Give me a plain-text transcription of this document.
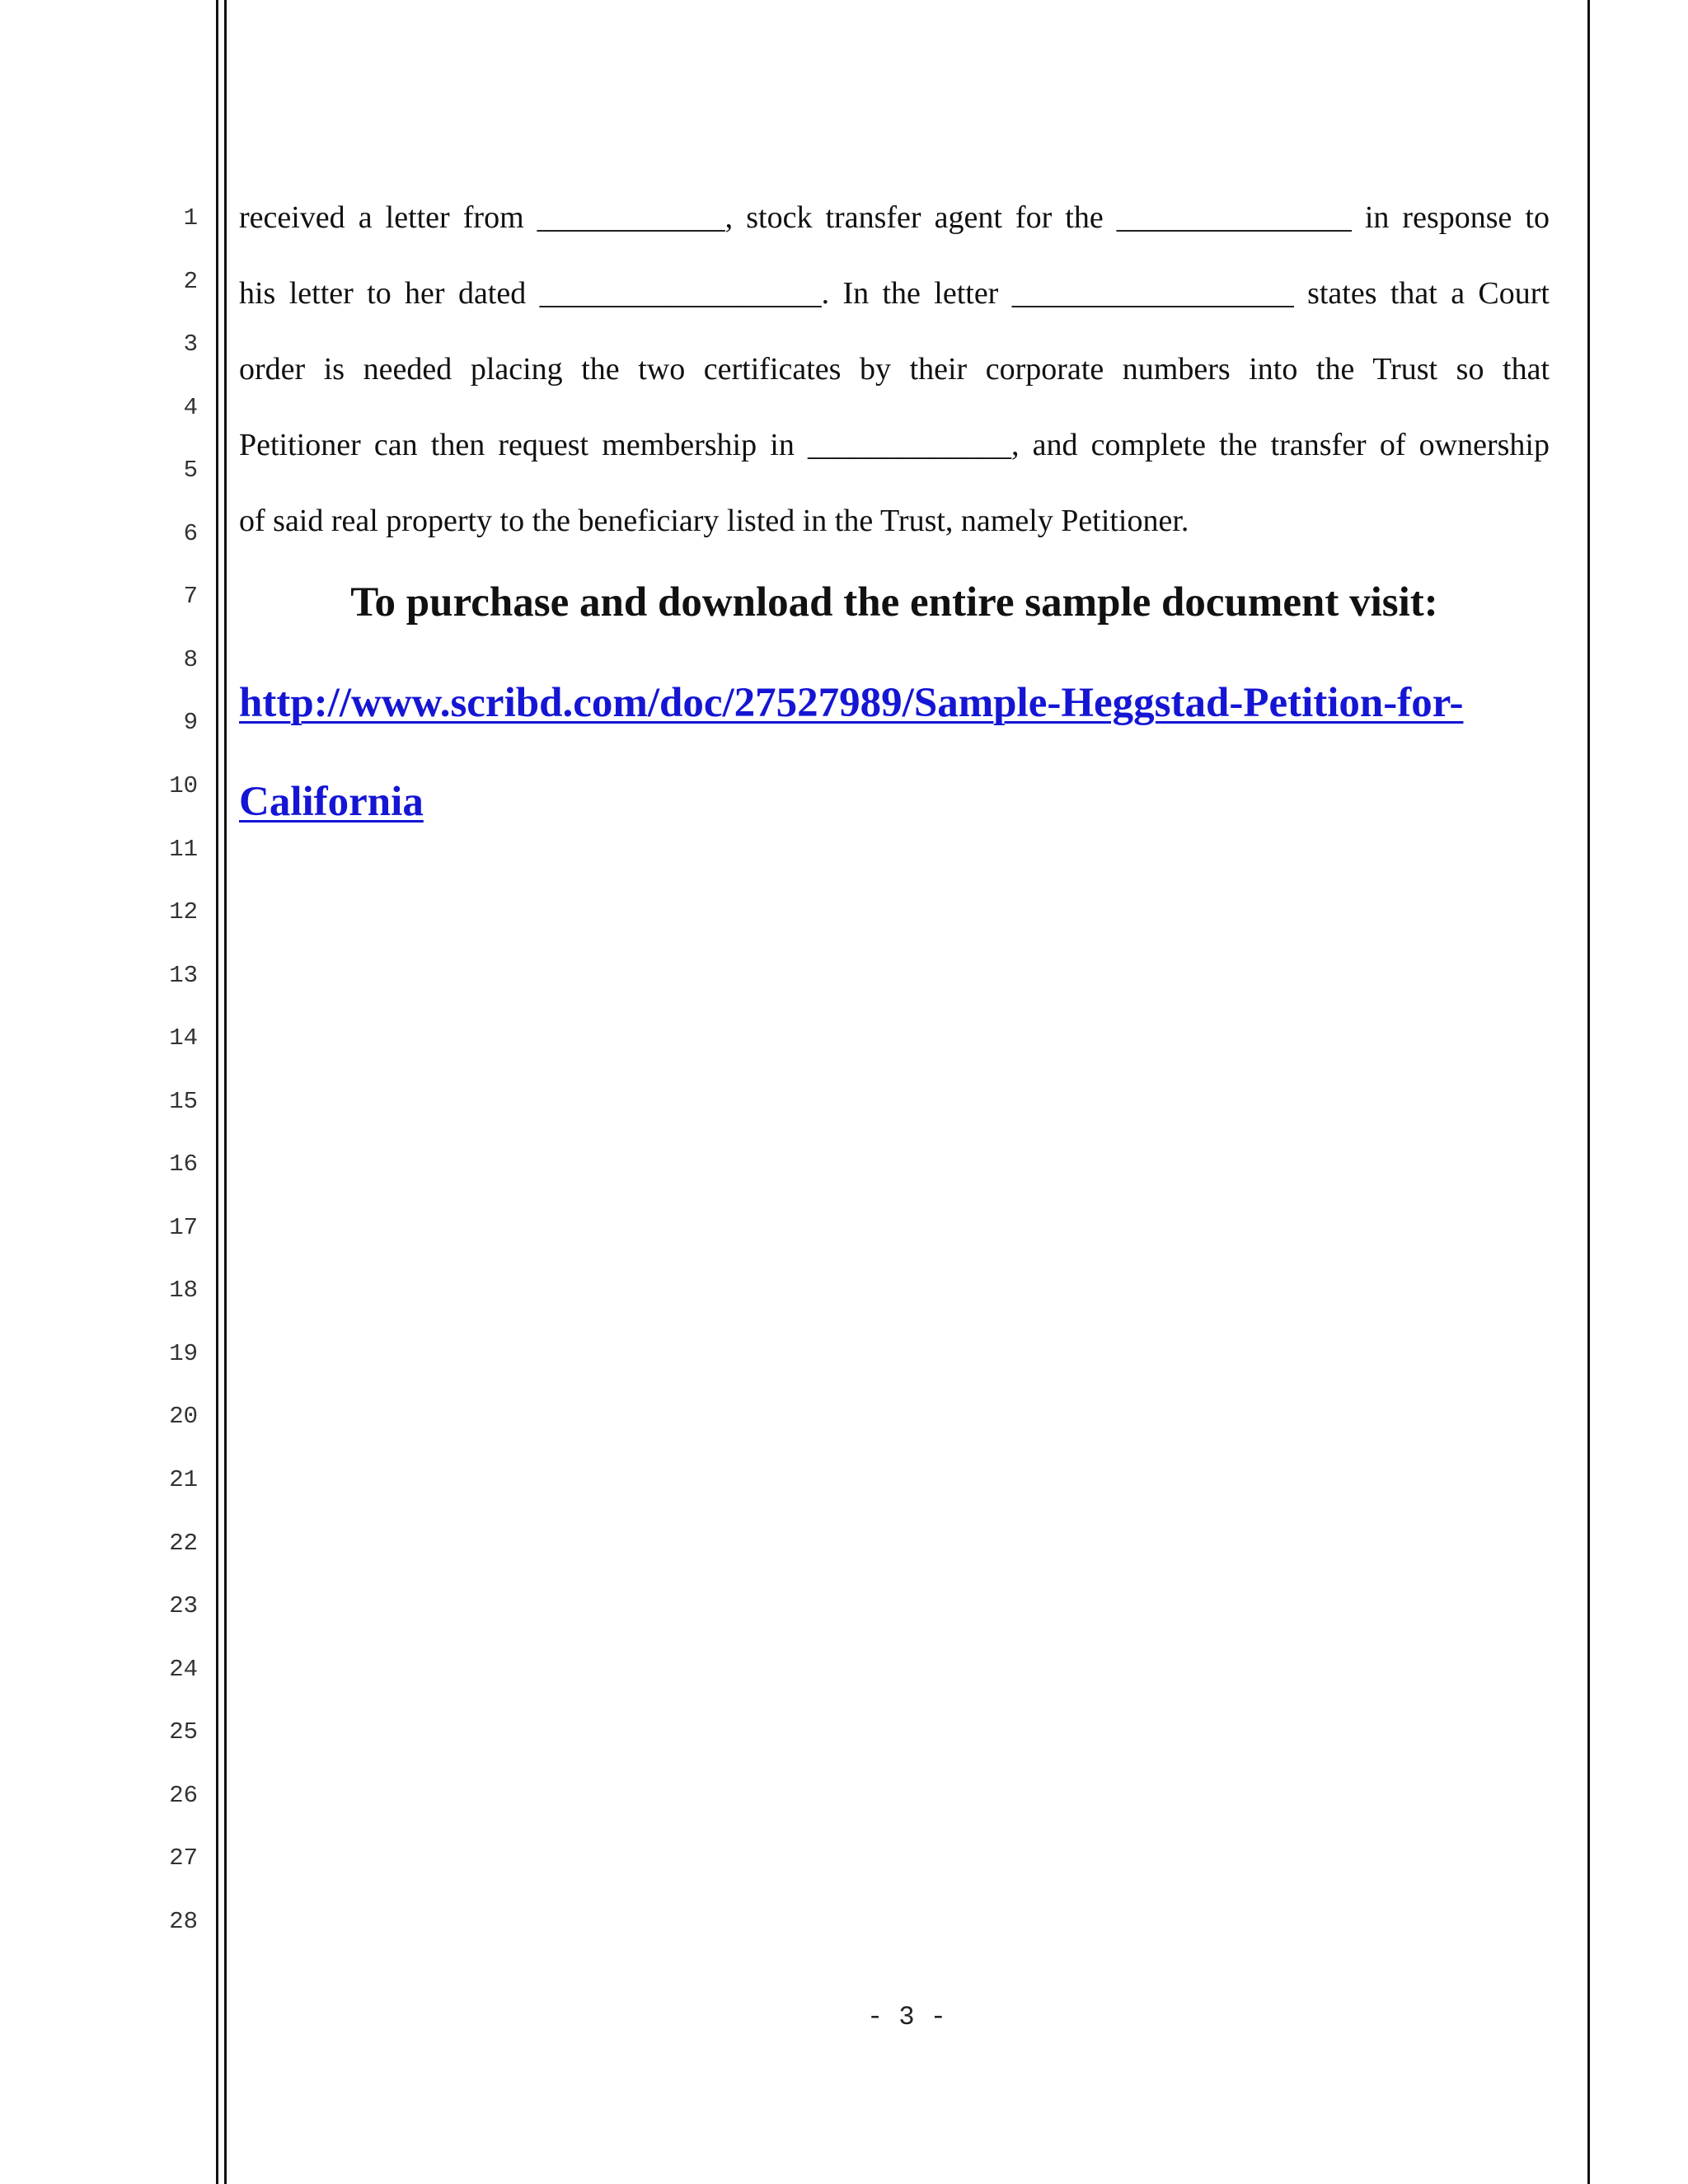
1
2
3
4
5
6
7
8
9
10
11
12
13
14
15
16
17
18
19
20
21
22
23
24
25
26
27
28
received a letter from ____________, stock transfer agent for the _______________ in response to
his letter to her dated __________________. In the letter __________________ states that a Court
order is needed placing the two certificates by their corporate numbers into the Trust so that
Petitioner can then request membership in _____________, and complete the transfer of ownership
of said real property to the beneficiary listed in the Trust, namely Petitioner.
To purchase and download the entire sample document visit:
http://www.scribd.com/doc/27527989/Sample-Heggstad-Petition-for-
California
- 3 -
